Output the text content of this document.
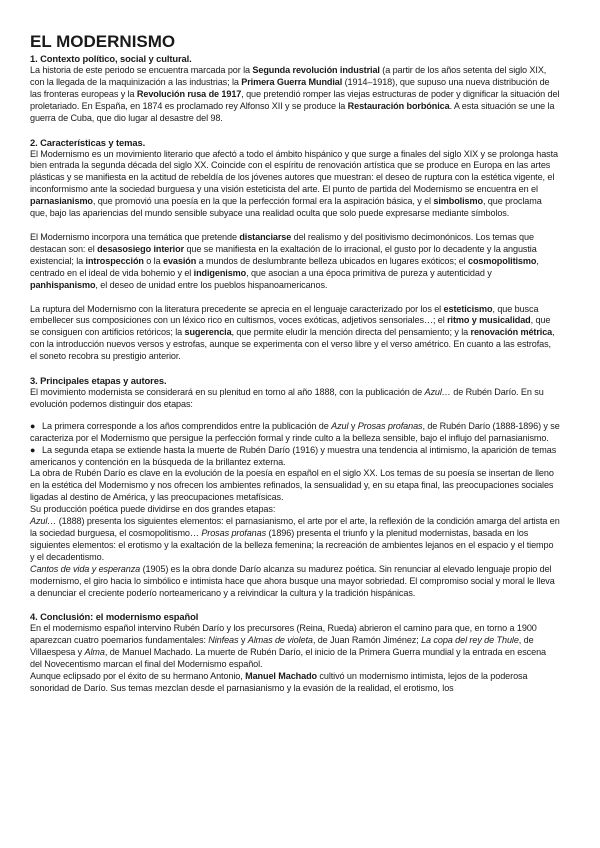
EL MODERNISMO
1. Contexto político, social y cultural.

La historia de este periodo se encuentra marcada por la Segunda revolución industrial (a partir de los años setenta del siglo XIX, con la llegada de la maquinización a las industrias; la Primera Guerra Mundial (1914–1918), que supuso una nueva distribución de las fronteras europeas y la Revolución rusa de 1917, que pretendió romper las viejas estructuras de poder y dignificar la situación del proletariado. En España, en 1874 es proclamado rey Alfonso XII y se produce la Restauración borbónica. A esta situación se une la guerra de Cuba, que dio lugar al desastre del 98.

2. Características y temas.

El Modernismo es un movimiento literario que afectó a todo el ámbito hispánico y que surge a finales del siglo XIX y se prolonga hasta bien entrada la segunda década del siglo XX. Coincide con el espíritu de renovación artística que se produce en Europa en las artes plásticas y se manifiesta en la actitud de rebeldía de los jóvenes autores que muestran: el deseo de ruptura con la estética vigente, el inconformismo ante la sociedad burguesa y una visión esteticista del arte. El punto de partida del Modernismo se encuentra en el parnasianismo, que promovió una poesía en la que la perfección formal era la aspiración básica, y el simbolismo, que proclama que, bajo las apariencias del mundo sensible subyace una realidad oculta que solo puede expresarse mediante símbolos.

El Modernismo incorpora una temática que pretende distanciarse del realismo y del positivismo decimonónicos. Los temas que destacan son: el desasosiego interior que se manifiesta en la exaltación de lo irracional, el gusto por lo decadente y la angustia existencial; la introspección o la evasión a mundos de deslumbrante belleza ubicados en lugares exóticos; el cosmopolitismo, centrado en el ideal de vida bohemio y el indigenismo, que asocian a una época primitiva de pureza y autenticidad y panhispanismo, el deseo de unidad entre los pueblos hispanoamericanos.

La ruptura del Modernismo con la literatura precedente se aprecia en el lenguaje caracterizado por los el esteticismo, que busca embellecer sus composiciones con un léxico rico en cultismos, voces exóticas, adjetivos sensoriales…; el ritmo y musicalidad, que se consiguen con artificios retóricos; la sugerencia, que permite eludir la mención directa del pensamiento; y la renovación métrica, con la introducción nuevos versos y estrofas, aunque se experimenta con el verso libre y el verso amétrico. En cuanto a las estrofas, el soneto recobra su prestigio anterior.

3. Principales etapas y autores.

El movimiento modernista se considerará en su plenitud en torno al año 1888, con la publicación de Azul… de Rubén Darío. En su evolución podemos distinguir dos etapas:

● La primera corresponde a los años comprendidos entre la publicación de Azul y Prosas profanas, de Rubén Darío (1888-1896) y se caracteriza por el Modernismo que persigue la perfección formal y rinde culto a la belleza sensible, bajo el influjo del parnasianismo.

● La segunda etapa se extiende hasta la muerte de Rubén Darío (1916) y muestra una tendencia al intimismo, la aparición de temas americanos y contención en la búsqueda de la brillantez externa.

La obra de Rubén Darío es clave en la evolución de la poesía en español en el siglo XX. Los temas de su poesía se insertan de lleno en la estética del Modernismo y nos ofrecen los ambientes refinados, la sensualidad y, en su etapa final, las preocupaciones sociales ligadas al destino de América, y las preocupaciones metafísicas.

Su producción poética puede dividirse en dos grandes etapas:

Azul… (1888) presenta los siguientes elementos: el parnasianismo, el arte por el arte, la reflexión de la condición amarga del artista en la sociedad burguesa, el cosmopolitismo… Prosas profanas (1896) presenta el triunfo y la plenitud modernistas, basada en los siguientes elementos: el erotismo y la exaltación de la belleza femenina; la recreación de ambientes lejanos en el espacio y el tiempo y el decadentismo.

Cantos de vida y esperanza (1905) es la obra donde Darío alcanza su madurez poética. Sin renunciar al elevado lenguaje propio del modernismo, el giro hacia lo simbólico e intimista hace que ahora busque una mayor sobriedad. El compromiso social y moral le lleva a denunciar el creciente poderío norteamericano y a reivindicar la cultura y la tradición hispánicas.

4. Conclusión: el modernismo español

En el modernismo español intervino Rubén Darío y los precursores (Reina, Rueda) abrieron el camino para que, en torno a 1900 aparezcan cuatro poemarios fundamentales: Ninfeas y Almas de violeta, de Juan Ramón Jiménez; La copa del rey de Thule, de Villaespesa y Alma, de Manuel Machado. La muerte de Rubén Darío, el inicio de la Primera Guerra mundial y la entrada en escena del Novecentismo marcan el final del Modernismo español.

Aunque eclipsado por el éxito de su hermano Antonio, Manuel Machado cultivó un modernismo intimista, lejos de la poderosa sonoridad de Darío. Sus temas mezclan desde el parnasianismo y la evasión de la realidad, el erotismo, los
